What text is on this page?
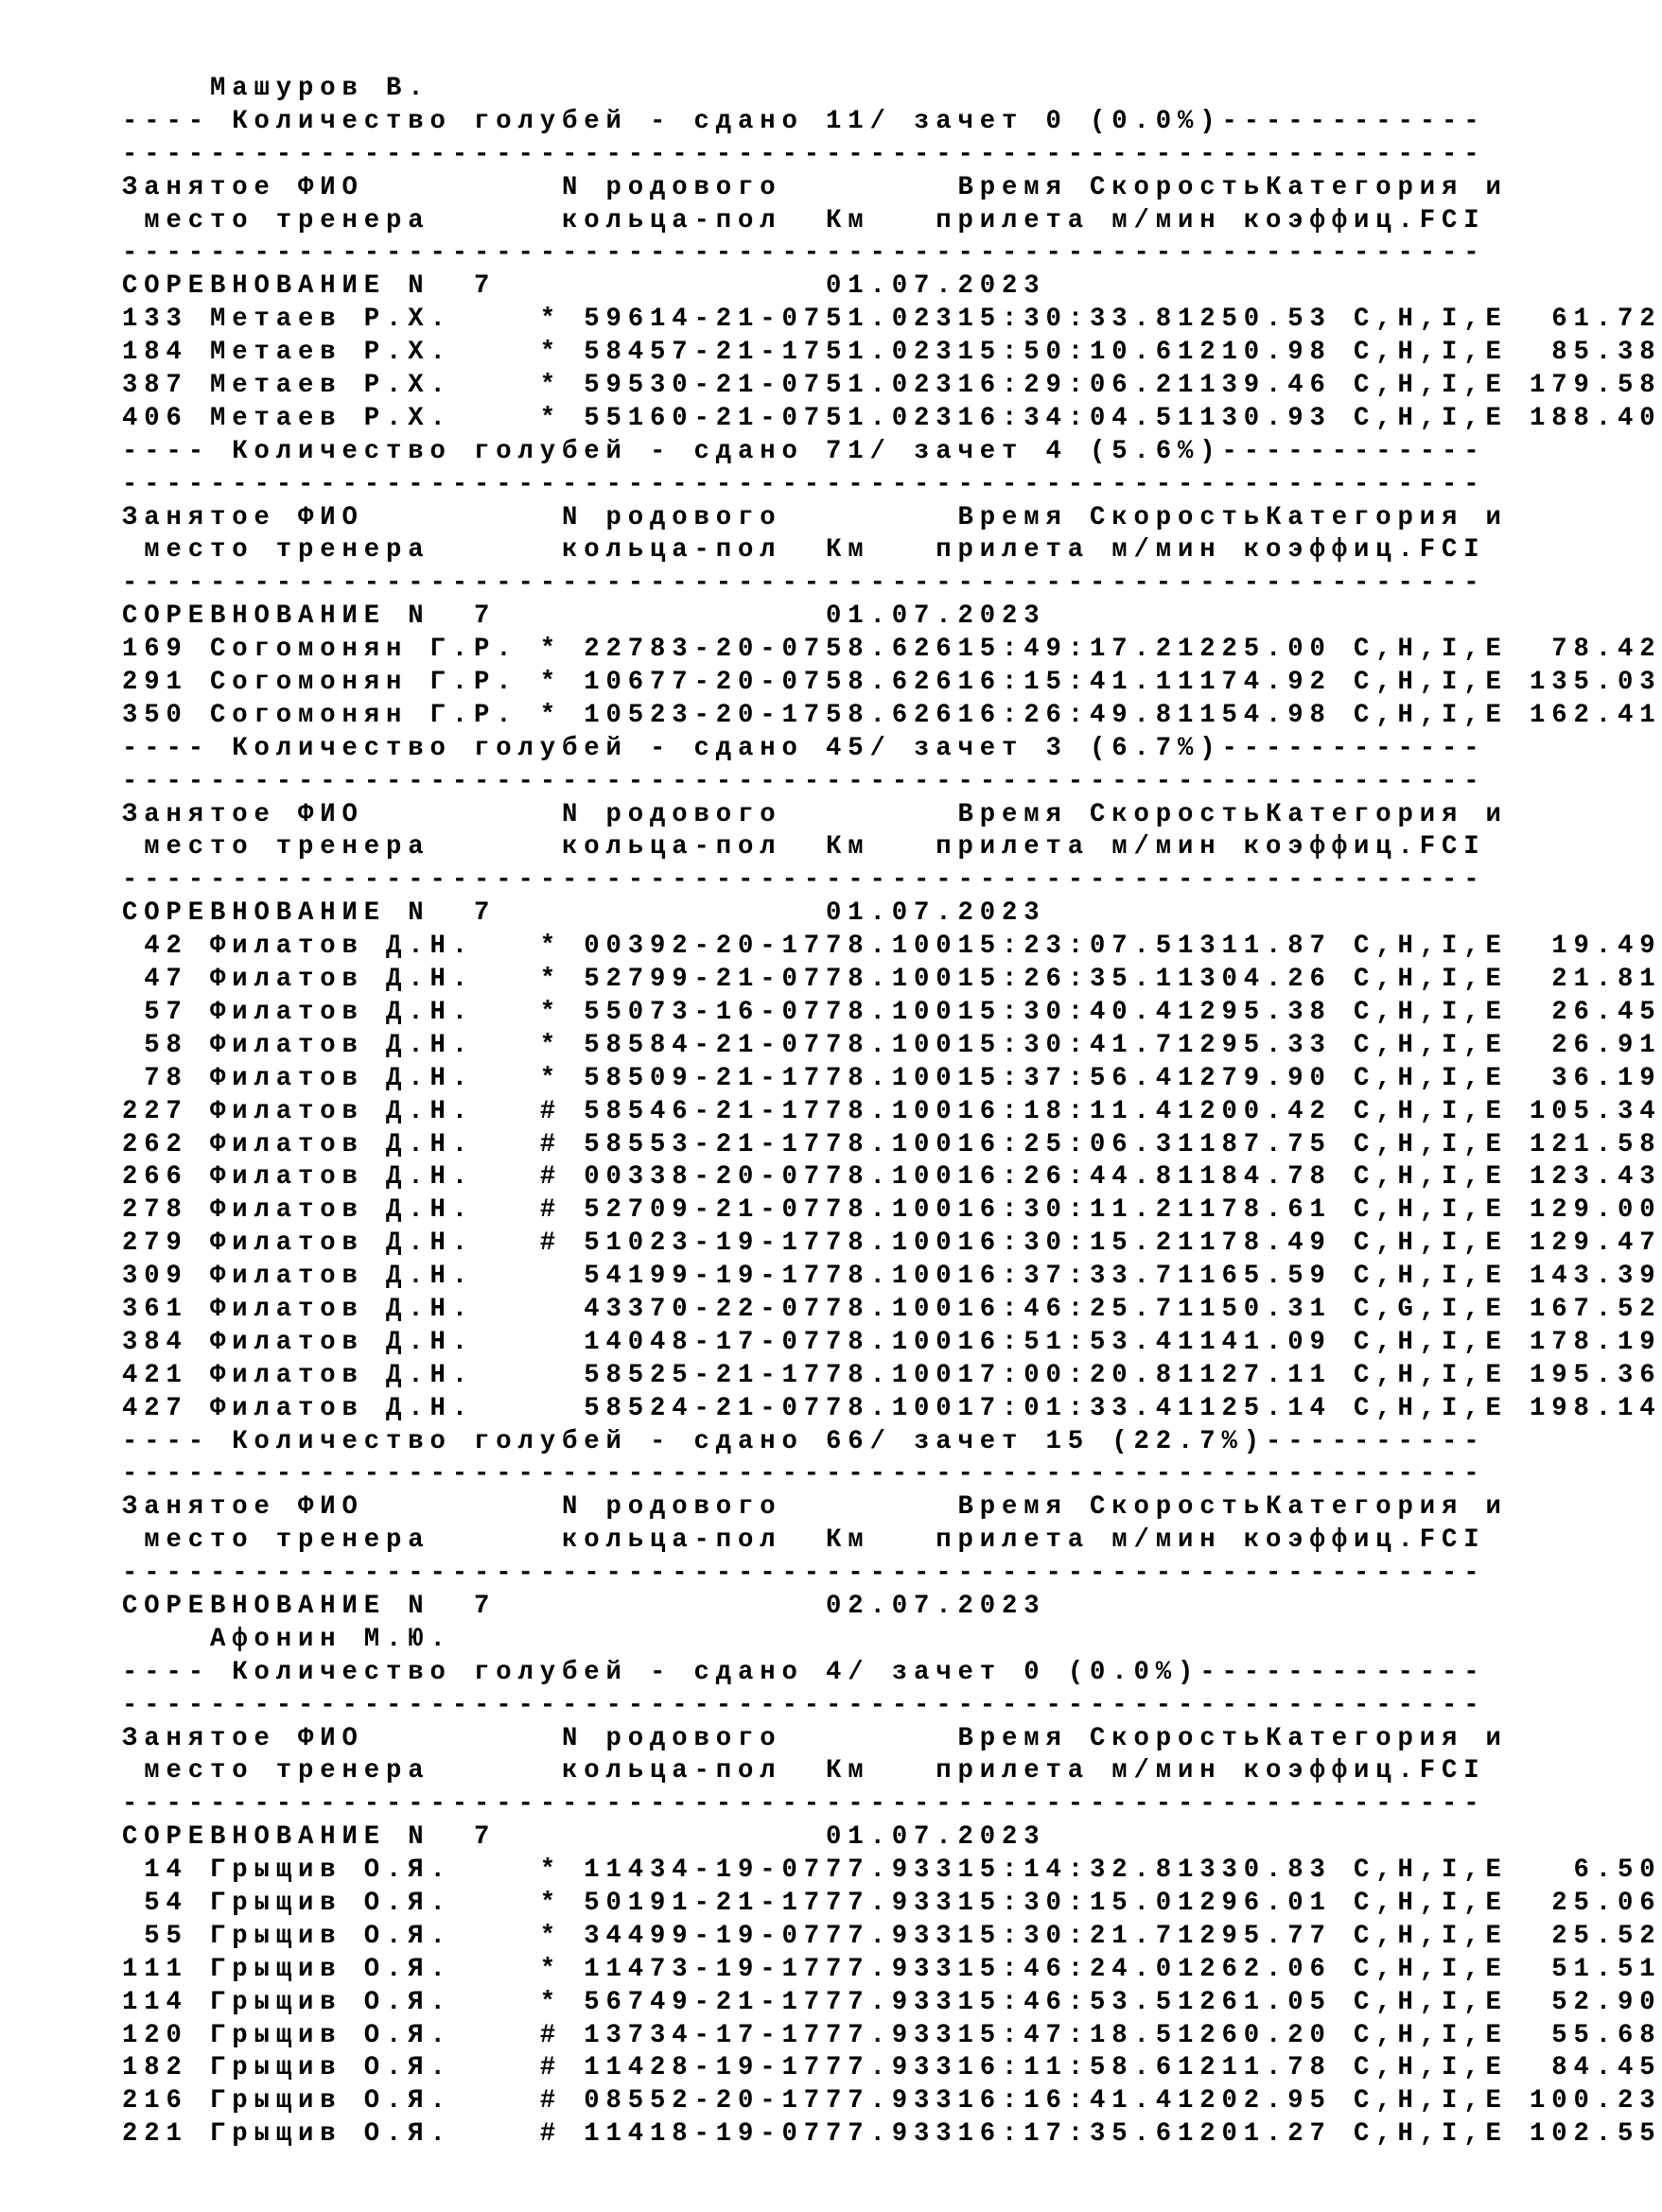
Машуров В.
---- Количество голубей - сдано 11/ зачет 0 (0.0%)------------
--------------------------------------------------------------
Занятое ФИО	N родового	Время СкоростьКатегория и
место тренера	кольца-пол Км	прилета м/мин коэффиц.FCI
--------------------------------------------------------------
СОРЕВНОВАНИЕ N 7	01.07.2023
133 Метаев Р.Х.	* 59614-21-0751.02315:30:33.81250.53 C,H,I,E 61.72
184 Метаев Р.Х.	* 58457-21-1751.02315:50:10.61210.98 C,H,I,E 85.38
387 Метаев Р.Х.	* 59530-21-0751.02316:29:06.21139.46 C,H,I,E 179.58
406 Метаев Р.Х.	* 55160-21-0751.02316:34:04.51130.93 C,H,I,E 188.40
---- Количество голубей - сдано 71/ зачет 4 (5.6%)------------
--------------------------------------------------------------
Занятое ФИО	N родового	Время СкоростьКатегория и
место тренера	кольца-пол Км	прилета м/мин коэффиц.FCI
--------------------------------------------------------------
СОРЕВНОВАНИЕ N 7	01.07.2023
169 Согомонян Г.Р. * 22783-20-0758.62615:49:17.21225.00 C,H,I,E 78.42
291 Согомонян Г.Р. * 10677-20-0758.62616:15:41.11174.92 C,H,I,E 135.03
350 Согомонян Г.Р. * 10523-20-1758.62616:26:49.81154.98 C,H,I,E 162.41
---- Количество голубей - сдано 45/ зачет 3 (6.7%)------------
--------------------------------------------------------------
Занятое ФИО	N родового	Время СкоростьКатегория и
место тренера	кольца-пол Км	прилета м/мин коэффиц.FCI
--------------------------------------------------------------
СОРЕВНОВАНИЕ N 7	01.07.2023
42 Филатов Д.Н.	* 00392-20-1778.10015:23:07.51311.87 C,H,I,E 19.49
47 Филатов Д.Н.	* 52799-21-0778.10015:26:35.11304.26 C,H,I,E 21.81
57 Филатов Д.Н.	* 55073-16-0778.10015:30:40.41295.38 C,H,I,E 26.45
58 Филатов Д.Н.	* 58584-21-0778.10015:30:41.71295.33 C,H,I,E 26.91
78 Филатов Д.Н.	* 58509-21-1778.10015:37:56.41279.90 C,H,I,E 36.19
227 Филатов Д.Н.	# 58546-21-1778.10016:18:11.41200.42 C,H,I,E 105.34
262 Филатов Д.Н.	# 58553-21-1778.10016:25:06.31187.75 C,H,I,E 121.58
266 Филатов Д.Н.	# 00338-20-0778.10016:26:44.81184.78 C,H,I,E 123.43
278 Филатов Д.Н.	# 52709-21-0778.10016:30:11.21178.61 C,H,I,E 129.00
279 Филатов Д.Н.	# 51023-19-1778.10016:30:15.21178.49 C,H,I,E 129.47
309 Филатов Д.Н.	54199-19-1778.10016:37:33.71165.59 C,H,I,E 143.39
361 Филатов Д.Н.	43370-22-0778.10016:46:25.71150.31 C,G,I,E 167.52
384 Филатов Д.Н.	14048-17-0778.10016:51:53.41141.09 C,H,I,E 178.19
421 Филатов Д.Н.	58525-21-1778.10017:00:20.81127.11 C,H,I,E 195.36
427 Филатов Д.Н.	58524-21-0778.10017:01:33.41125.14 C,H,I,E 198.14
---- Количество голубей - сдано 66/ зачет 15 (22.7%)----------
--------------------------------------------------------------
Занятое ФИО	N родового	Время СкоростьКатегория и
место тренера	кольца-пол Км	прилета м/мин коэффиц.FCI
--------------------------------------------------------------
СОРЕВНОВАНИЕ N 7	02.07.2023
Афонин М.Ю.
---- Количество голубей - сдано 4/ зачет 0 (0.0%)-------------
--------------------------------------------------------------
Занятое ФИО	N родового	Время СкоростьКатегория и
место тренера	кольца-пол Км	прилета м/мин коэффиц.FCI
--------------------------------------------------------------
СОРЕВНОВАНИЕ N 7	01.07.2023
14 Грыщив О.Я.	* 11434-19-0777.93315:14:32.81330.83 C,H,I,E	6.50
54 Грыщив О.Я.	* 50191-21-1777.93315:30:15.01296.01 C,H,I,E 25.06
55 Грыщив О.Я.	* 34499-19-0777.93315:30:21.71295.77 C,H,I,E 25.52
111 Грыщив О.Я.	* 11473-19-1777.93315:46:24.01262.06 C,H,I,E 51.51
114 Грыщив О.Я.	* 56749-21-1777.93315:46:53.51261.05 C,H,I,E 52.90
120 Грыщив О.Я.	# 13734-17-1777.93315:47:18.51260.20 C,H,I,E 55.68
182 Грыщив О.Я.	# 11428-19-1777.93316:11:58.61211.78 C,H,I,E 84.45
216 Грыщив О.Я.	# 08552-20-1777.93316:16:41.41202.95 C,H,I,E 100.23
221 Грыщив О.Я.	# 11418-19-0777.93316:17:35.61201.27 C,H,I,E 102.55
